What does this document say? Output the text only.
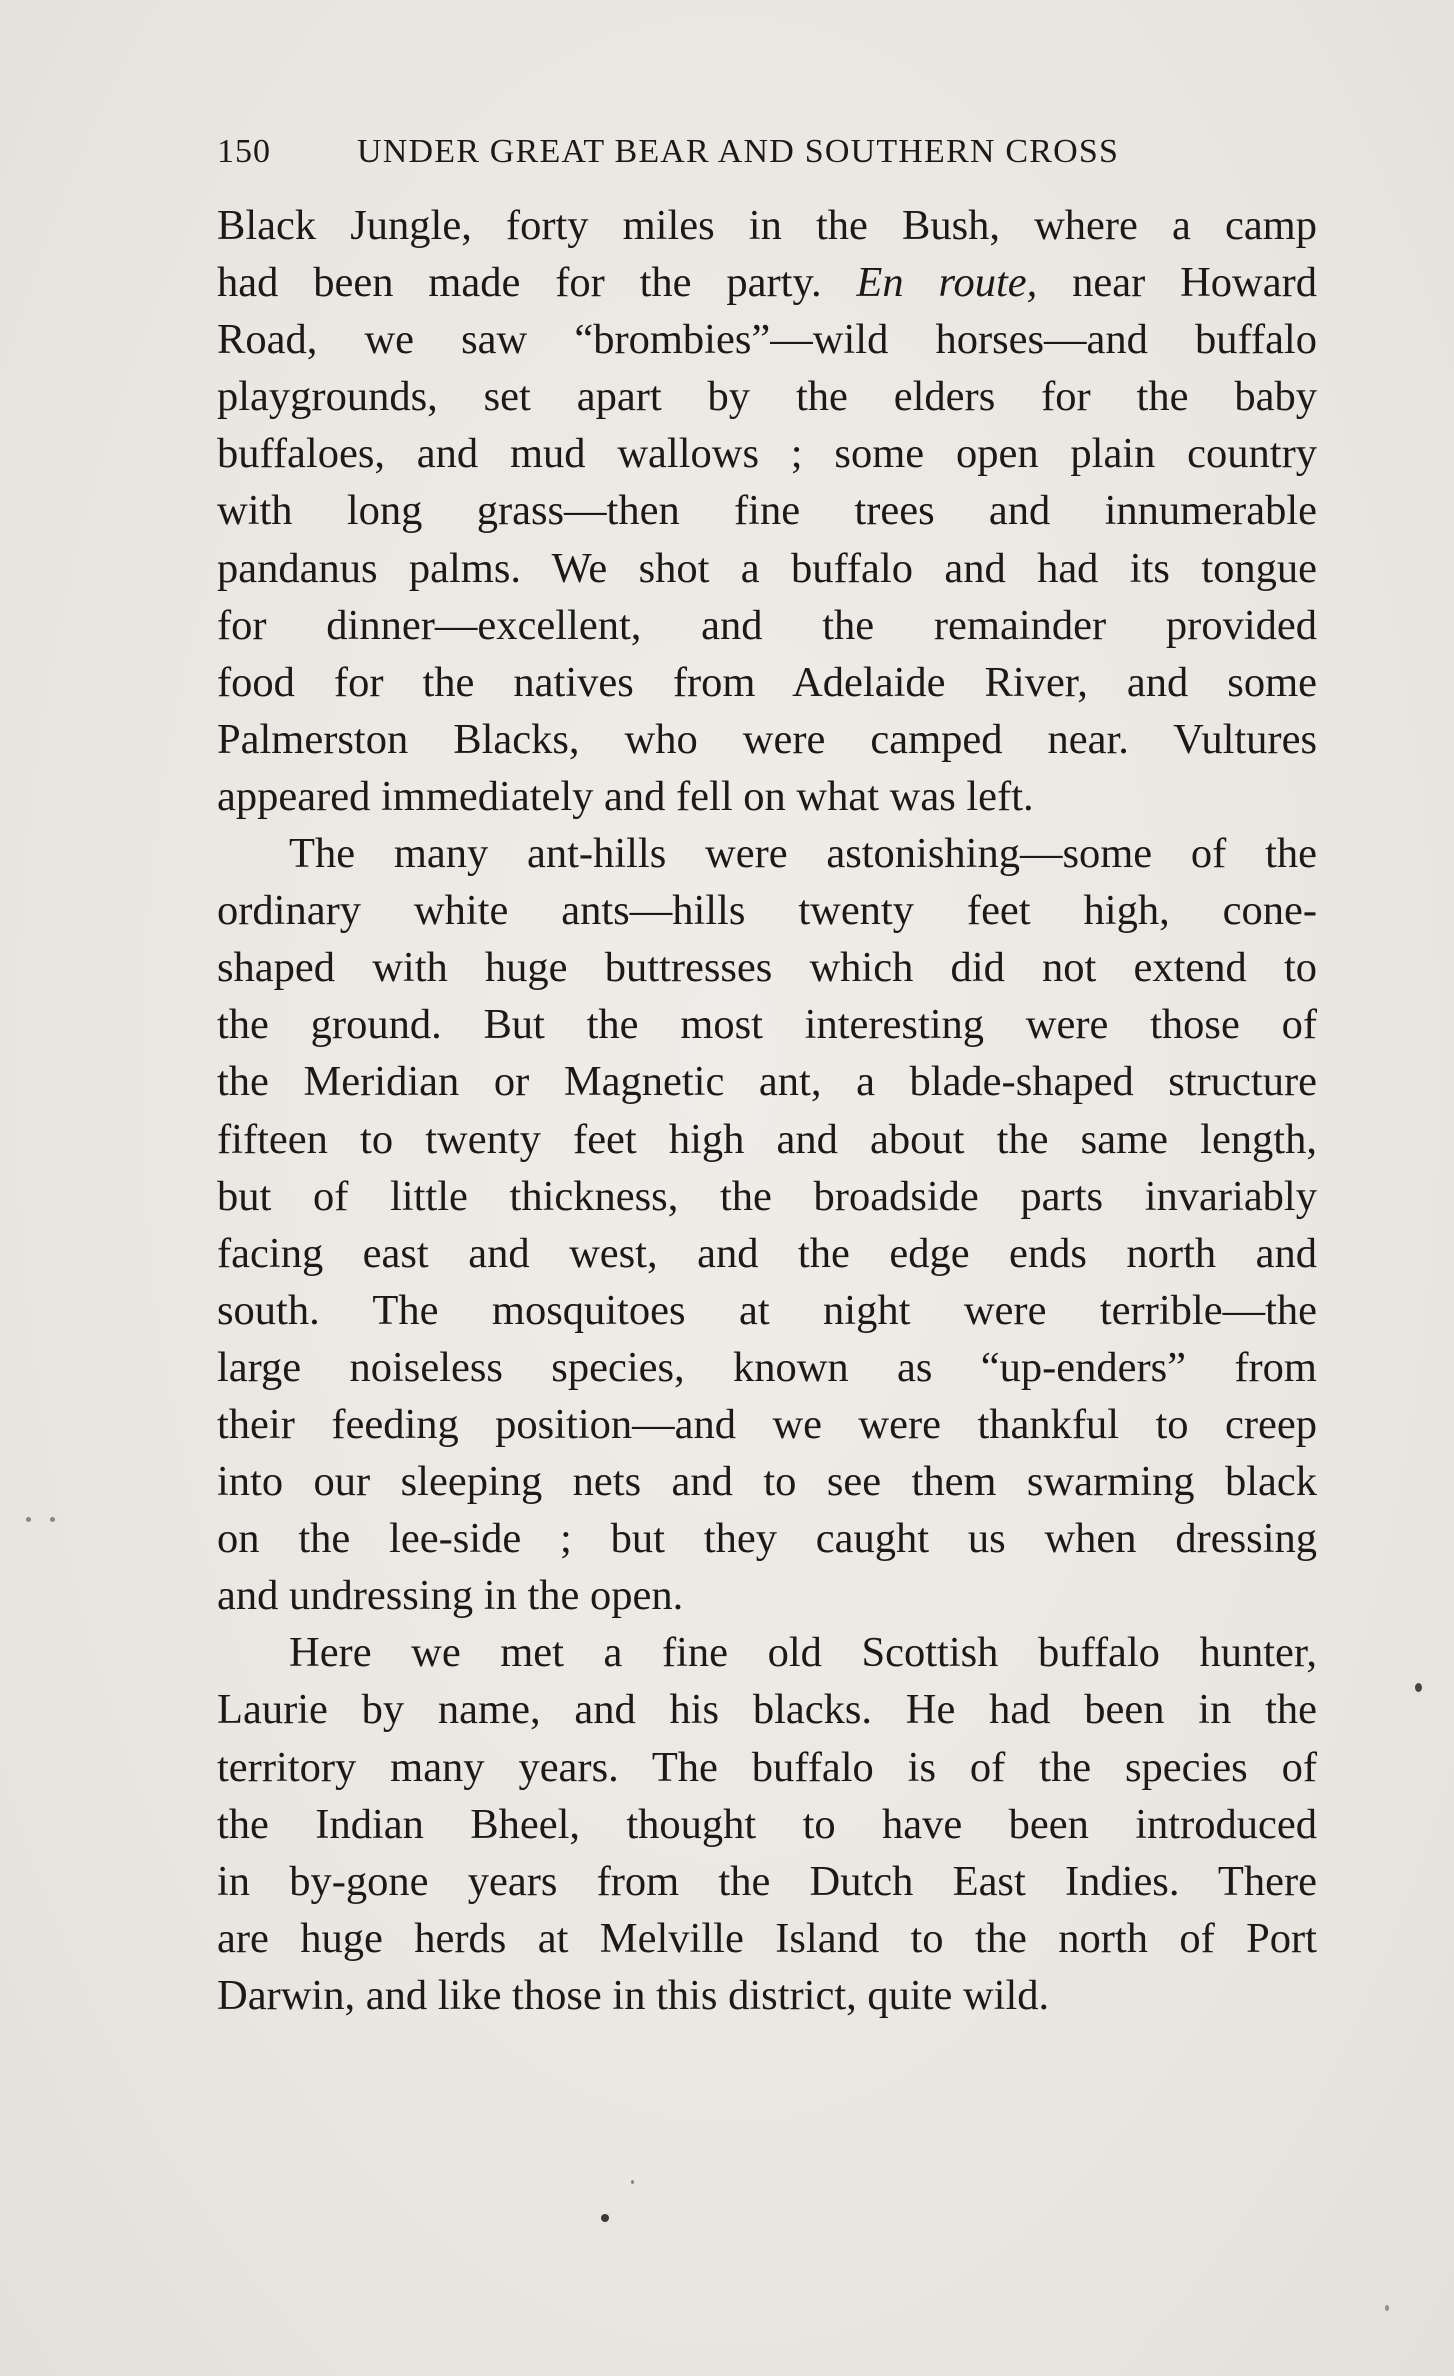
150	UNDER GREAT BEAR AND SOUTHERN CROSS
Black Jungle, forty miles in the Bush, where a camp
had been made for the party. En route, near Howard
Road, we saw “brombies”—wild horses—and buffalo
playgrounds, set apart by the elders for the baby
buffaloes, and mud wallows ; some open plain country
with long grass—then fine trees and innumerable
pandanus palms. We shot a buffalo and had its tongue
for dinner—excellent, and the remainder provided
food for the natives from Adelaide River, and some
Palmerston Blacks, who were camped near. Vultures
appeared immediately and fell on what was left.
The many ant-hills were astonishing—some of the
ordinary white ants—hills twenty feet high, cone-
shaped with huge buttresses which did not extend to
the ground. But the most interesting were those of
the Meridian or Magnetic ant, a blade-shaped structure
fifteen to twenty feet high and about the same length,
but of little thickness, the broadside parts invariably
facing east and west, and the edge ends north and
south. The mosquitoes at night were terrible—the
large noiseless species, known as “up-enders” from
their feeding position—and we were thankful to creep
into our sleeping nets and to see them swarming black
on the lee-side ; but they caught us when dressing
and undressing in the open.
Here we met a fine old Scottish buffalo hunter,
Laurie by name, and his blacks. He had been in the
territory many years. The buffalo is of the species of
the Indian Bheel, thought to have been introduced
in by-gone years from the Dutch East Indies. There
are huge herds at Melville Island to the north of Port
Darwin, and like those in this district, quite wild.
